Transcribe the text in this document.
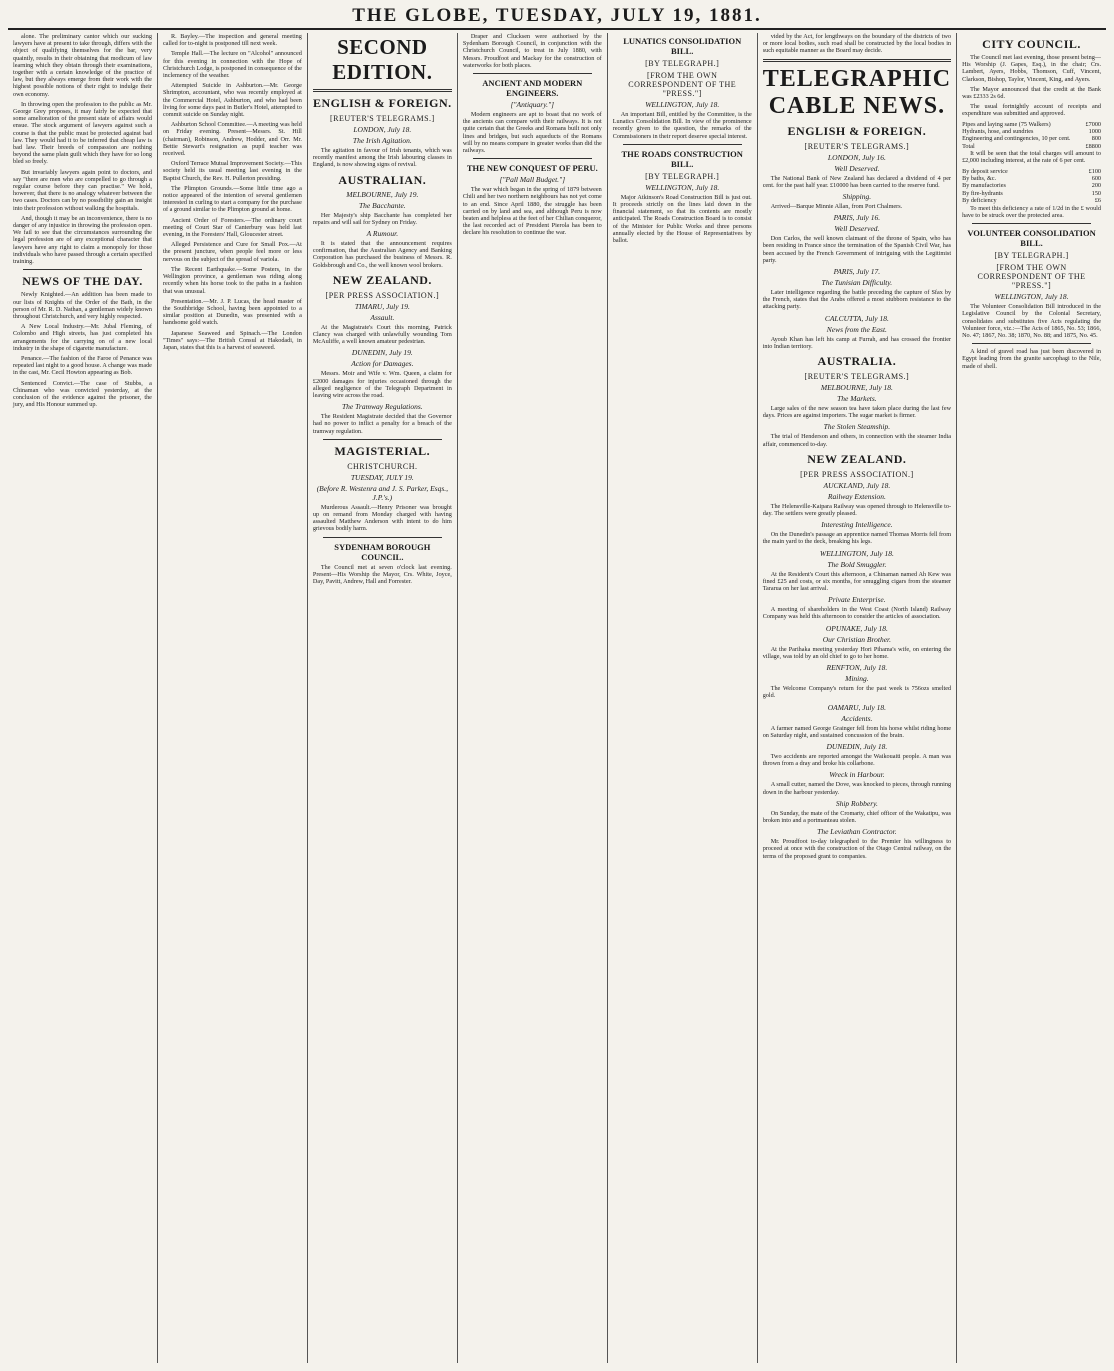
THE GLOBE, TUESDAY, JULY 19, 1881.

alone. The preliminary cantor which our sucking lawyers have at present to take through, differs with the object of qualifying themselves for the bar, very quaintly, results in their obtaining that modicum of law learning which they obtain through their examinations, together with a certain knowledge of the practice of law, but they always emerge from their work with the highest possible notions of their right to indulge their own economy.

In throwing open the profession to the public as Mr. George Grey proposes, it may fairly be expected that some amelioration of the present state of affairs would ensue. The stock argument of lawyers against such a course is that the public must be protected against bad law. They would had it to be inferred that cheap law is bad law. Their breeds of compassion are nothing beyond the same plain guilt which they have for so long bled so freely.

But invariably lawyers again point to doctors, and say "there are men who are compelled to go through a regular course before they can practise." We hold, however, that there is no analogy whatever between the two cases. Doctors can by no possibility gain an insight into their profession without walking the hospitals.

And, though it may be an inconvenience, there is no danger of any injustice in throwing the profession open. We fail to see that the circumstances surrounding the legal profession are of any exceptional character that lawyers have any right to claim a monopoly for those individuals who have passed through a certain specified training.

NEWS OF THE DAY.

Newly Knighted.—An addition has been made to our lists of Knights of the Order of the Bath, in the person of Mr. R. D. Nathan, a gentleman widely known throughout Christchurch, and very highly respected.

A New Local Industry.—Mr. Jubal Fleming, of Colombo and High streets, has just completed his arrangements for the carrying on of a new local industry in the shape of cigarette manufacture.

Penance.—The fashion of the Faroe of Penance was repeated last night to a good house. A change was made in the cast, Mr. Cecil Howton appearing as Bob.

Sentenced Convict.—The case of Stubbs, a Chinaman who was convicted yesterday, at the conclusion of the evidence against the prisoner, the jury, and His Honour summed up.

R. Bayley.—The inspection and general meeting called for to-night is postponed till next week.

Temple Hall.—The lecture on "Alcohol" announced for this evening in connection with the Hope of Christchurch Lodge, is postponed in consequence of the inclemency of the weather.

Attempted Suicide in Ashburton.—Mr. George Shrimpton, accountant, who was recently employed at the Commercial Hotel, Ashburton, and who had been living for some days past in Butler's Hotel, attempted to commit suicide on Sunday night.

Ashburton School Committee.—A meeting was held on Friday evening. Present—Messrs. St. Hill (chairman), Robinson, Andrew, Hodder, and Orr. Mr. Bettie Stewart's resignation as pupil teacher was received.

Oxford Terrace Mutual Improvement Society.—This society held its usual meeting last evening in the Baptist Church, the Rev. H. Pullerton presiding.

The Plimpton Grounds.—Some little time ago a notice appeared of the intention of several gentlemen interested in curling to start a company for the purchase of a ground similar to the Plimpton ground at home.

Ancient Order of Foresters.—The ordinary court meeting of Court Star of Canterbury was held last evening, in the Foresters' Hall, Gloucester street.

Alleged Persistence and Cure for Small Pox.—At the present juncture, when people feel more or less nervous on the subject of the spread of variola.

The Recent Earthquake.—Some Posters, in the Wellington province, a gentleman was riding along recently when his horse took to the paths in a fashion that was unusual.

Presentation.—Mr. J. P. Lucas, the head master of the Southbridge School, having been appointed to a similar position at Dunedin, was presented with a handsome gold watch.

Japanese Seaweed and Spinach.—The London "Times" says:—The British Consul at Hakodadi, in Japan, states that this is a harvest of seaweed.

SECOND EDITION.
ENGLISH & FOREIGN.
[REUTER'S TELEGRAMS.]
LONDON, July 18.
The Irish Agitation.

The agitation in favour of Irish tenants, which was recently manifest among the Irish labouring classes in England, is now showing signs of revival.

AUSTRALIAN.
MELBOURNE, July 19.
The Bacchante.

Her Majesty's ship Bacchante has completed her repairs and will sail for Sydney on Friday.

A Rumour.

It is stated that the announcement requires confirmation, that the Australian Agency and Banking Corporation has purchased the business of Messrs. R. Goldsbrough and Co., the well known wool brokers.

NEW ZEALAND.
[PER PRESS ASSOCIATION.]
TIMARU, July 19.
Assault.

At the Magistrate's Court this morning, Patrick Clancy was charged with unlawfully wounding Tom McAuliffe, a well known amateur pedestrian.

DUNEDIN, July 19.
Action for Damages.

Messrs. Moir and Wife v. Wm. Queen, a claim for £2000 damages for injuries occasioned through the alleged negligence of the Telegraph Department in leaving wire across the road.

The Tramway Regulations.

The Resident Magistrate decided that the Governor had no power to inflict a penalty for a breach of the tramway regulation.

MAGISTERIAL.
CHRISTCHURCH.
TUESDAY, JULY 19.
(Before R. Westenra and J. S. Parker, Esqs., J.P.'s.)

Murderous Assault.—Henry Prisoner was brought up on remand from Monday charged with having assaulted Matthew Anderson with intent to do him grievous bodily harm.

SYDENHAM BOROUGH COUNCIL.

The Council met at seven o'clock last evening. Present—His Worship the Mayor, Crs. White, Joyce, Day, Pavitt, Andrew, Hall and Forrester.

Draper and Clucksen were authorised by the Sydenham Borough Council, in conjunction with the Christchurch Council, to treat in July 1880, with Messrs. Proudfoot and Mackay for the construction of waterworks for both places.

ANCIENT AND MODERN ENGINEERS.
["Antiquary."]

Modern engineers are apt to boast that no work of the ancients can compare with their railways. It is not quite certain that the Greeks and Romans built not only lines and bridges, but such aqueducts of the Romans will by no means compare in greater works than did the railways.

THE NEW CONQUEST OF PERU.
["Pall Mall Budget."]

The war which began in the spring of 1879 between Chili and her two northern neighbours has not yet come to an end. Since April 1880, the struggle has been carried on by land and sea, and although Peru is now beaten and helpless at the feet of her Chilian conqueror, the last recorded act of President Pierola has been to declare his resolution to continue the war.

LUNATICS CONSOLIDATION BILL.
[BY TELEGRAPH.]
[FROM THE OWN CORRESPONDENT OF THE "PRESS."]
WELLINGTON, July 18.

An important Bill, entitled by the Committee, is the Lunatics Consolidation Bill. In view of the prominence recently given to the question, the remarks of the Commissioners in their report deserve special interest.

THE ROADS CONSTRUCTION BILL.
[BY TELEGRAPH.]
WELLINGTON, July 18.

Major Atkinson's Road Construction Bill is just out. It proceeds strictly on the lines laid down in the financial statement, so that its contents are mostly anticipated. The Roads Construction Board is to consist of the Minister for Public Works and three persons annually elected by the House of Representatives by ballot.

vided by the Act, for lengthways on the boundary of the districts of two or more local bodies, such road shall be constructed by the local bodies in such equitable manner as the Board may decide.

TELEGRAPHIC
CABLE NEWS.
ENGLISH & FOREIGN.
[REUTER'S TELEGRAMS.]
LONDON, July 16.
Well Deserved.

The National Bank of New Zealand has declared a dividend of 4 per cent. for the past half year. £10000 has been carried to the reserve fund.

Shipping.

Arrived—Barque Minnie Allan, from Port Chalmers.

PARIS, July 16.
Well Deserved.

Don Carlos, the well known claimant of the throne of Spain, who has been residing in France since the termination of the Spanish Civil War, has been accused by the French Government of intriguing with the Legitimist party.

PARIS, July 17.
The Tunisian Difficulty.

Later intelligence regarding the battle preceding the capture of Sfax by the French, states that the Arabs offered a most stubborn resistance to the attacking party.

CALCUTTA, July 18.
News from the East.

Ayoub Khan has left his camp at Furrah, and has crossed the frontier into Indian territory.

AUSTRALIA.
[REUTER'S TELEGRAMS.]
MELBOURNE, July 18.
The Markets.

Large sales of the new season tea have taken place during the last few days. Prices are against importers. The sugar market is firmer.

The Stolen Steamship.

The trial of Henderson and others, in connection with the steamer India affair, commenced to-day.

NEW ZEALAND.
[PER PRESS ASSOCIATION.]
AUCKLAND, July 18.
Railway Extension.

The Helensville-Kaipara Railway was opened through to Helensville to-day. The settlers were greatly pleased.

Interesting Intelligence.

On the Dunedin's passage an apprentice named Thomas Morris fell from the main yard to the deck, breaking his legs.

WELLINGTON, July 18.
The Bold Smuggler.

At the Resident's Court this afternoon, a Chinaman named Ah Kew was fined £25 and costs, or six months, for smuggling cigars from the steamer Tararua on her last arrival.

Private Enterprise.

A meeting of shareholders in the West Coast (North Island) Railway Company was held this afternoon to consider the articles of association.

OPUNAKE, July 18.
Our Christian Brother.

At the Parihaka meeting yesterday Hori Pihama's wife, on entering the village, was told by an old chief to go to her home.

RENFTON, July 18.
Mining.

The Welcome Company's return for the past week is 756ozs smelted gold.

OAMARU, July 18.
Accidents.

A farmer named George Grainger fell from his horse whilst riding home on Saturday night, and sustained concussion of the brain.

DUNEDIN, July 18.

Two accidents are reported amongst the Waikouaiti people. A man was thrown from a dray and broke his collarbone.

Wreck in Harbour.

A small cutter, named the Dove, was knocked to pieces, through running down in the harbour yesterday.

Ship Robbery.

On Sunday, the mate of the Cromarty, chief officer of the Wakatipu, was broken into and a portmanteau stolen.

The Leviathan Contractor.

Mr. Proudfoot to-day telegraphed to the Premier his willingness to proceed at once with the construction of the Otago Central railway, on the terms of the proposed grant to companies.

CITY COUNCIL.

The Council met last evening, those present being—His Worship (J. Gapes, Esq.), in the chair; Crs. Lambert, Ayers, Hobbs, Thomson, Cuff, Vincent, Clarkson, Bishop, Taylor, Vincent, King, and Ayers.

The Mayor announced that the credit at the Bank was £2333 2s 6d.

The usual fortnightly account of receipts and expenditure was submitted and approved.

Pipes and laying same (75 Walkers)	£7000
Hydrants, hose, and sundries	1000
Engineering and contingencies, 10 per cent.	800
Total	£8800

It will be seen that the total charges will amount to £2,000 including interest, at the rate of 6 per cent.

By deposit service	£100
By baths, &c.	600
By manufactories	200
By fire-hydrants	150
By deficiency	£6

To meet this deficiency a rate of 1/2d in the £ would have to be struck over the protected area.

VOLUNTEER CONSOLIDATION BILL.
[BY TELEGRAPH.]
[FROM THE OWN CORRESPONDENT OF THE "PRESS."]
WELLINGTON, July 18.

The Volunteer Consolidation Bill introduced in the Legislative Council by the Colonial Secretary, consolidates and substitutes five Acts regulating the Volunteer force, viz.:—The Acts of 1865, No. 53; 1866, No. 47; 1867, No. 38; 1870, No. 88; and 1875, No. 45.

A kind of gravel road has just been discovered in Egypt leading from the granite sarcophagi to the Nile, made of shell.
